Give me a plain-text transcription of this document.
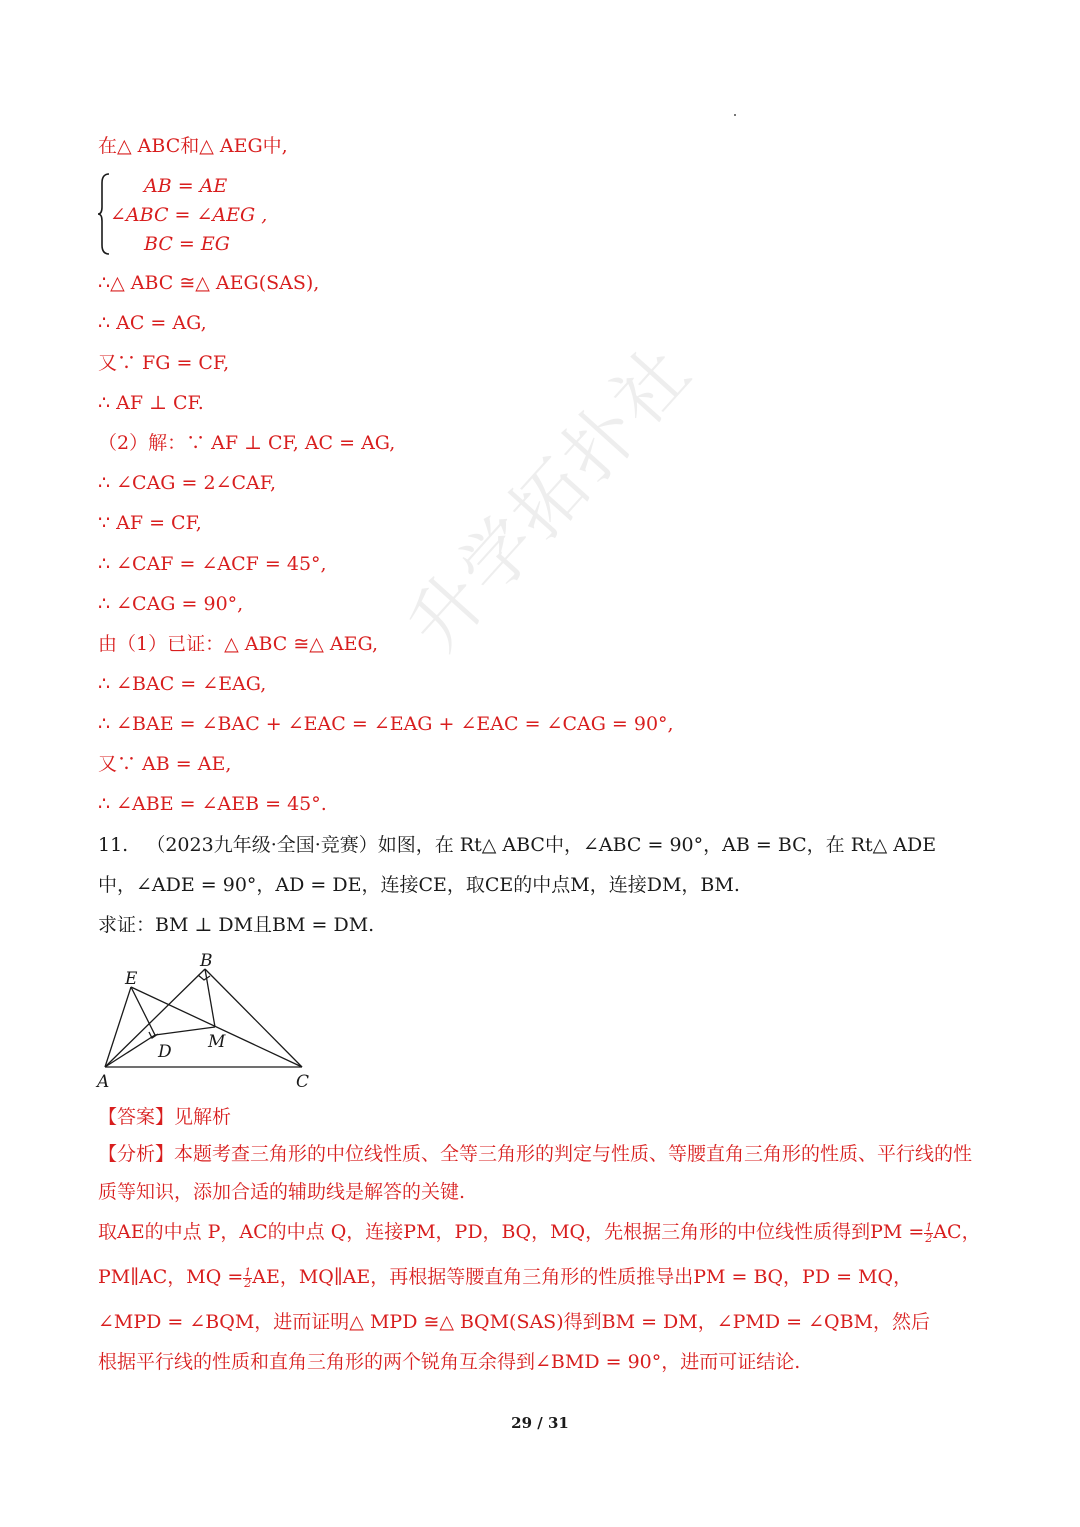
升学拓扑社
在△ ABC和△ AEG中,
AB = AE
∠ABC = ∠AEG ,
BC = EG
∴△ ABC ≅△ AEG(SAS),
∴ AC = AG,
又∵ FG = CF,
∴ AF ⊥ CF.
（2）解：∵ AF ⊥ CF, AC = AG,
∴ ∠CAG = 2∠CAF,
∵ AF = CF,
∴ ∠CAF = ∠ACF = 45°,
∴ ∠CAG = 90°,
由（1）已证：△ ABC ≅△ AEG,
∴ ∠BAC = ∠EAG,
∴ ∠BAE = ∠BAC + ∠EAC = ∠EAG + ∠EAC = ∠CAG = 90°,
又∵ AB = AE,
∴ ∠ABE = ∠AEB = 45°.
11.   （2023九年级·全国·竞赛）如图，在 Rt△ ABC中，∠ABC = 90°，AB = BC，在 Rt△ ADE
中，∠ADE = 90°，AD = DE，连接CE，取CE的中点M，连接DM，BM.
求证：BM ⊥ DM且BM = DM.
B
E
D M
A	C
【答案】见解析
【分析】本题考查三角形的中位线性质、全等三角形的判定与性质、等腰直角三角形的性质、平行线的性
质等知识，添加合适的辅助线是解答的关键.
取AE的中点 P，AC的中点 Q，连接PM，PD，BQ，MQ，先根据三角形的中位线性质得到PM = $\frac{1}{2}$ AC，
PM∥AC，MQ = $\frac{1}{2}$ AE，MQ∥AE，再根据等腰直角三角形的性质推导出PM = BQ，PD = MQ，
∠MPD = ∠BQM，进而证明△ MPD ≅△ BQM(SAS)得到BM = DM，∠PMD = ∠QBM，然后
根据平行线的性质和直角三角形的两个锐角互余得到∠BMD = 90°，进而可证结论.
29 / 31
